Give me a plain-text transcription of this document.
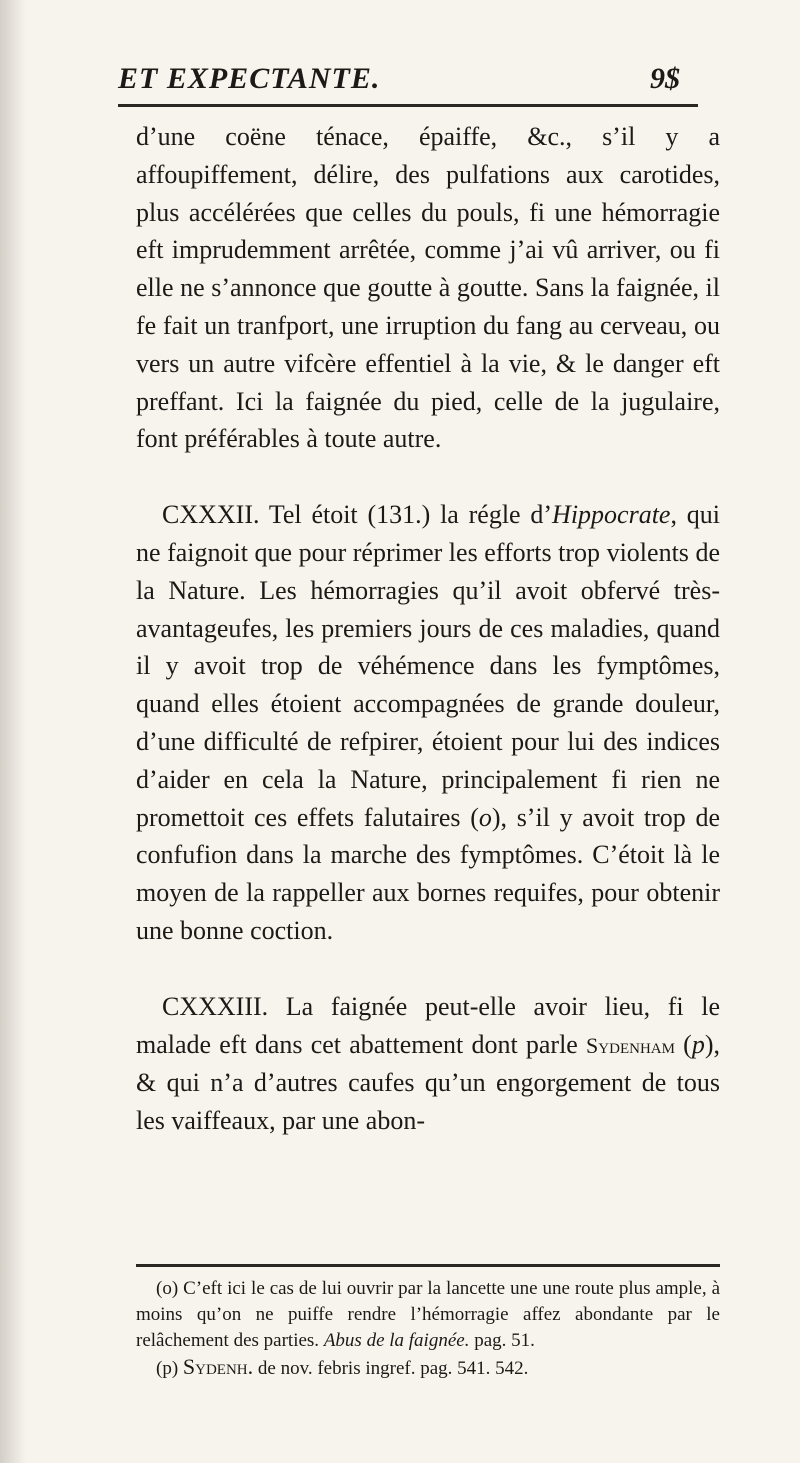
ET EXPECTANTE.	9$

d’une coëne ténace, épaiffe, &c., s’il y a affoupiffement, délire, des pulfations aux carotides, plus accélérées que celles du pouls, fi une hémorragie eft imprudemment arrêtée, comme j’ai vû arriver, ou fi elle ne s’annonce que goutte à goutte. Sans la faignée, il fe fait un tranfport, une irruption du fang au cerveau, ou vers un autre vifcère effentiel à la vie, & le danger eft preffant. Ici la faignée du pied, celle de la jugulaire, font préférables à toute autre.

CXXXII. Tel étoit (131.) la régle d’Hippocrate, qui ne faignoit que pour réprimer les efforts trop violents de la Nature. Les hémorragies qu’il avoit obfervé très-avantageufes, les premiers jours de ces maladies, quand il y avoit trop de véhémence dans les fymptômes, quand elles étoient accompagnées de grande douleur, d’une difficulté de refpirer, étoient pour lui des indices d’aider en cela la Nature, principalement fi rien ne promettoit ces effets falutaires (o), s’il y avoit trop de confufion dans la marche des fymptômes. C’étoit là le moyen de la rappeller aux bornes requifes, pour obtenir une bonne coction.

CXXXIII. La faignée peut-elle avoir lieu, fi le malade eft dans cet abattement dont parle Sydenham (p), & qui n’a d’autres caufes qu’un engorgement de tous les vaiffeaux, par une abon-

(o) C’eft ici le cas de lui ouvrir par la lancette une une route plus ample, à moins qu’on ne puiffe rendre l’hémorragie affez abondante par le relâchement des parties. Abus de la faignée. pag. 51.

(p) Sydenh. de nov. febris ingref. pag. 541. 542.
